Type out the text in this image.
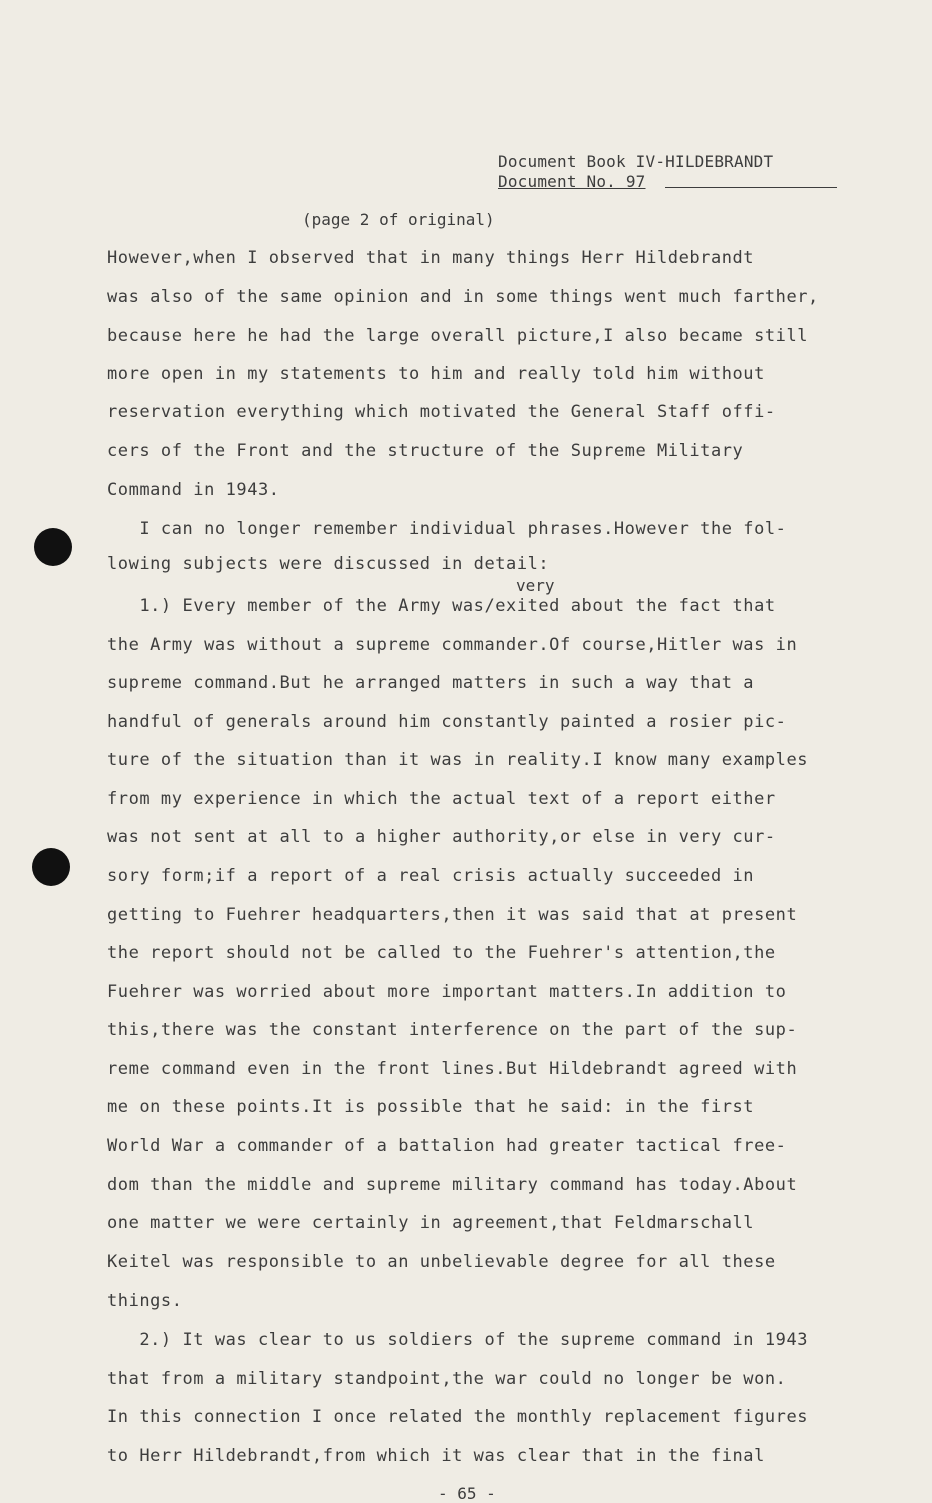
Document Book IV-HILDEBRANDT
Document No. 97
(page 2 of original)
very
However,when I observed that in many things Herr Hildebrandt
was also of the same opinion and in some things went much farther,
because here he had the large overall picture,I also became still
more open in my statements to him and really told him without
reservation everything which motivated the General Staff offi-
cers of the Front and the structure of the Supreme Military
Command in 1943.
I can no longer remember individual phrases.However the fol-
lowing subjects were discussed in detail:
1.) Every member of the Army was/exited about the fact that
the Army was without a supreme commander.Of course,Hitler was in
supreme command.But he arranged matters in such a way that a
handful of generals around him constantly painted a rosier pic-
ture of the situation than it was in reality.I know many examples
from my experience in which the actual text of a report either
was not sent at all to a higher authority,or else in very cur-
sory form;if a report of a real crisis actually succeeded in
getting to Fuehrer headquarters,then it was said that at present
the report should not be called to the Fuehrer's attention,the
Fuehrer was worried about more important matters.In addition to
this,there was the constant interference on the part of the sup-
reme command even in the front lines.But Hildebrandt agreed with
me on these points.It is possible that he said: in the first
World War a commander of a battalion had greater tactical free-
dom than the middle and supreme military command has today.About
one matter we were certainly in agreement,that Feldmarschall
Keitel was responsible to an unbelievable degree for all these
things.
2.) It was clear to us soldiers of the supreme command in 1943
that from a military standpoint,the war could no longer be won.
In this connection I once related the monthly replacement figures
to Herr Hildebrandt,from which it was clear that in the final
- 65 -
